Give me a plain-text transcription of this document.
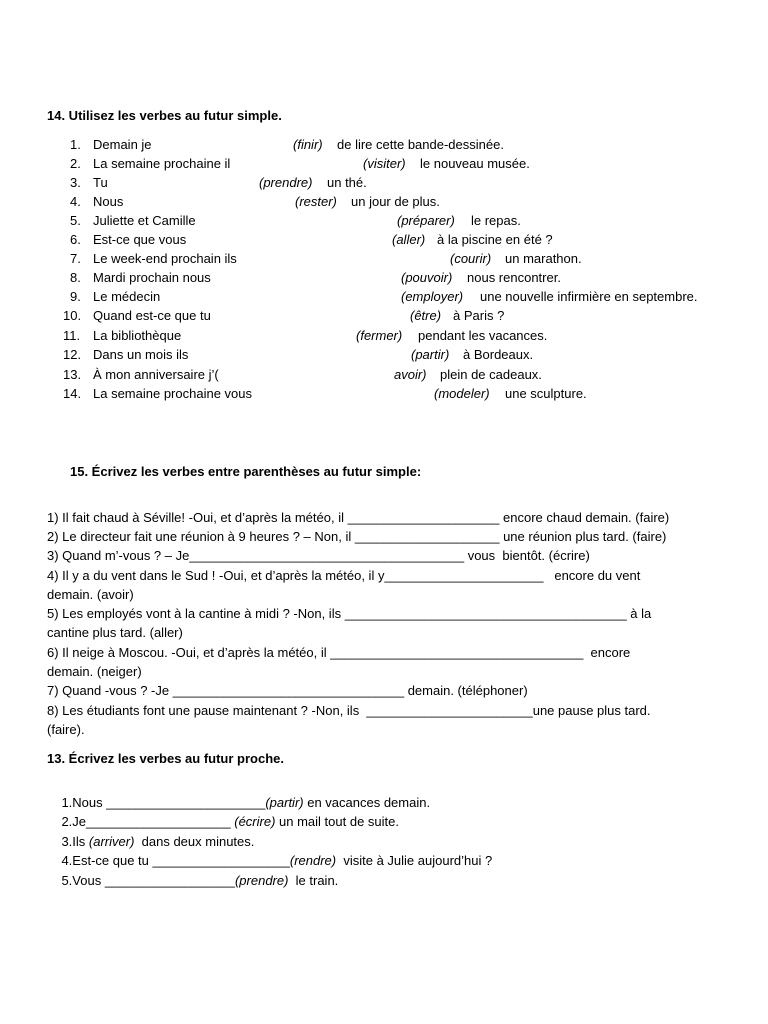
14. Utilisez les verbes au futur simple.
1. Demain je	(finir) de lire cette bande-dessinée.
2. La semaine prochaine il	(visiter) le nouveau musée.
3. Tu	(prendre) un thé.
4. Nous	(rester) un jour de plus.
5. Juliette et Camille	(préparer) le repas.
6. Est-ce que vous	(aller) à la piscine en été ?
7. Le week-end prochain ils	(courir) un marathon.
8. Mardi prochain nous	(pouvoir) nous rencontrer.
9. Le médecin	(employer) une nouvelle infirmière en septembre.
10. Quand est-ce que tu	(être) à Paris ?
11. La bibliothèque	(fermer) pendant les vacances.
12. Dans un mois ils	(partir) à Bordeaux.
13. À mon anniversaire j’(	avoir) plein de cadeaux.
14. La semaine prochaine vous	(modeler) une sculpture.
15. Écrivez les verbes entre parenthèses au futur simple:
1) Il fait chaud à Séville! -Oui, et d’après la météo, il _____________________ encore chaud demain. (faire)
2) Le directeur fait une réunion à 9 heures ? – Non, il ____________________ une réunion plus tard. (faire)
3) Quand m’-vous ? – Je______________________________________ vous  bientôt. (écrire)
4) Il y a du vent dans le Sud ! -Oui, et d’après la météo, il y______________________   encore du vent
demain. (avoir)
5) Les employés vont à la cantine à midi ? -Non, ils _______________________________________ à la
cantine plus tard. (aller)
6) Il neige à Moscou. -Oui, et d’après la météo, il ___________________________________  encore
demain. (neiger)
7) Quand -vous ? -Je ________________________________ demain. (téléphoner)
8) Les étudiants font une pause maintenant ? -Non, ils  _______________________une pause plus tard.
(faire).
13. Écrivez les verbes au futur proche.

1.Nous ______________________(partir) en vacances demain.

2.Je____________________ (écrire) un mail tout de suite.

3.Ils (arriver)  dans deux minutes.

4.Est-ce que tu ___________________(rendre)  visite à Julie aujourd’hui ?

5.Vous __________________(prendre)  le train.
